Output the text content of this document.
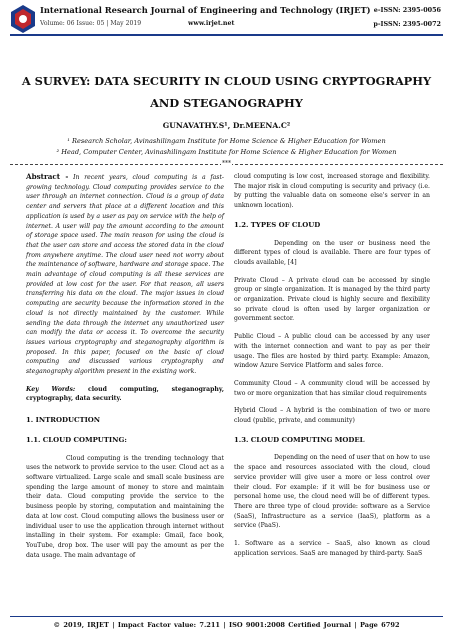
International Research Journal of Engineering and Technology (IRJET)
Volume: 06 Issue: 05 | May 2019	www.irjet.net
e-ISSN: 2395-0056
p-ISSN: 2395-0072
A SURVEY: DATA SECURITY IN CLOUD USING CRYPTOGRAPHY AND STEGANOGRAPHY
GUNAVATHY.S¹, Dr.MEENA.C²
¹ Research Scholar, Avinashilingam Institute for Home Science & Higher Education for Women
² Head, Computer Center, Avinashilingam Institute for Home Science & Higher Education for Women
***

Abstract - In recent years, cloud computing is a fast-growing technology. Cloud computing provides service to the user through an internet connection. Cloud is a group of data center and servers that place at a different location and this application is used by a user as pay on service with the help of internet. A user will pay the amount according to the amount of storage space used. The main reason for using the cloud is that the user can store and access the stored data in the cloud from anywhere anytime. The cloud user need not worry about the maintenance of software, hardware and storage space. The main advantage of cloud computing is all these services are provided at low cost for the user. For that reason, all users transferring his data on the cloud. The major issues in cloud computing are security because the information stored in the cloud is not directly maintained by the customer. While sending the data through the internet any unauthorized user can modify the data or access it. To overcome the security issues various cryptography and steganography algorithm is proposed. In this paper, focused on the basic of cloud computing and discussed various cryptography and steganography algorithm present in the existing work.

Key Words: cloud computing, steganography, cryptography, data security.

1. INTRODUCTION
1.1. CLOUD COMPUTING:

Cloud computing is the trending technology that uses the network to provide service to the user. Cloud act as a software virtualized. Large scale and small scale business are spending the large amount of money to store and maintain their data. Cloud computing provide the service to the business people by storing, computation and maintaining the data at low cost. Cloud computing allows the business user or individual user to use the application through internet without installing in their system. For example: Gmail, face book, YouTube, drop box. The user will pay the amount as per the data usage. The main advantage of

cloud computing is low cost, increased storage and flexibility. The major risk in cloud computing is security and privacy (i.e. by putting the valuable data on someone else's server in an unknown location).

1.2. TYPES OF CLOUD

Depending on the user or business need the different types of cloud is available. There are four types of clouds available, [4]

Private Cloud – A private cloud can be accessed by single group or single organization. It is managed by the third party or organization. Private cloud is highly secure and flexibility so private cloud is often used by larger organization or government sector.

Public Cloud – A public cloud can be accessed by any user with the internet connection and want to pay as per their usage. The files are hosted by third party. Example: Amazon, window Azure Service Platform and sales force.

Community Cloud – A community cloud will be accessed by two or more organization that has similar cloud requirements

Hybrid Cloud – A hybrid is the combination of two or more cloud (public, private, and community)

1.3. CLOUD COMPUTING MODEL

Depending on the need of user that on how to use the space and resources associated with the cloud, cloud service provider will give user a more or less control over their cloud. For example: if it will be for business use or personal home use, the cloud need will be of different types. There are three type of cloud provide: software as a Service (SaaS), Infrastructure as a service (IaaS), platform as a service (PaaS).

1. Software as a service – SaaS, also known as cloud application services. SaaS are managed by third-party. SaaS

© 2019, IRJET | Impact Factor value: 7.211 | ISO 9001:2008 Certified Journal | Page 6792
